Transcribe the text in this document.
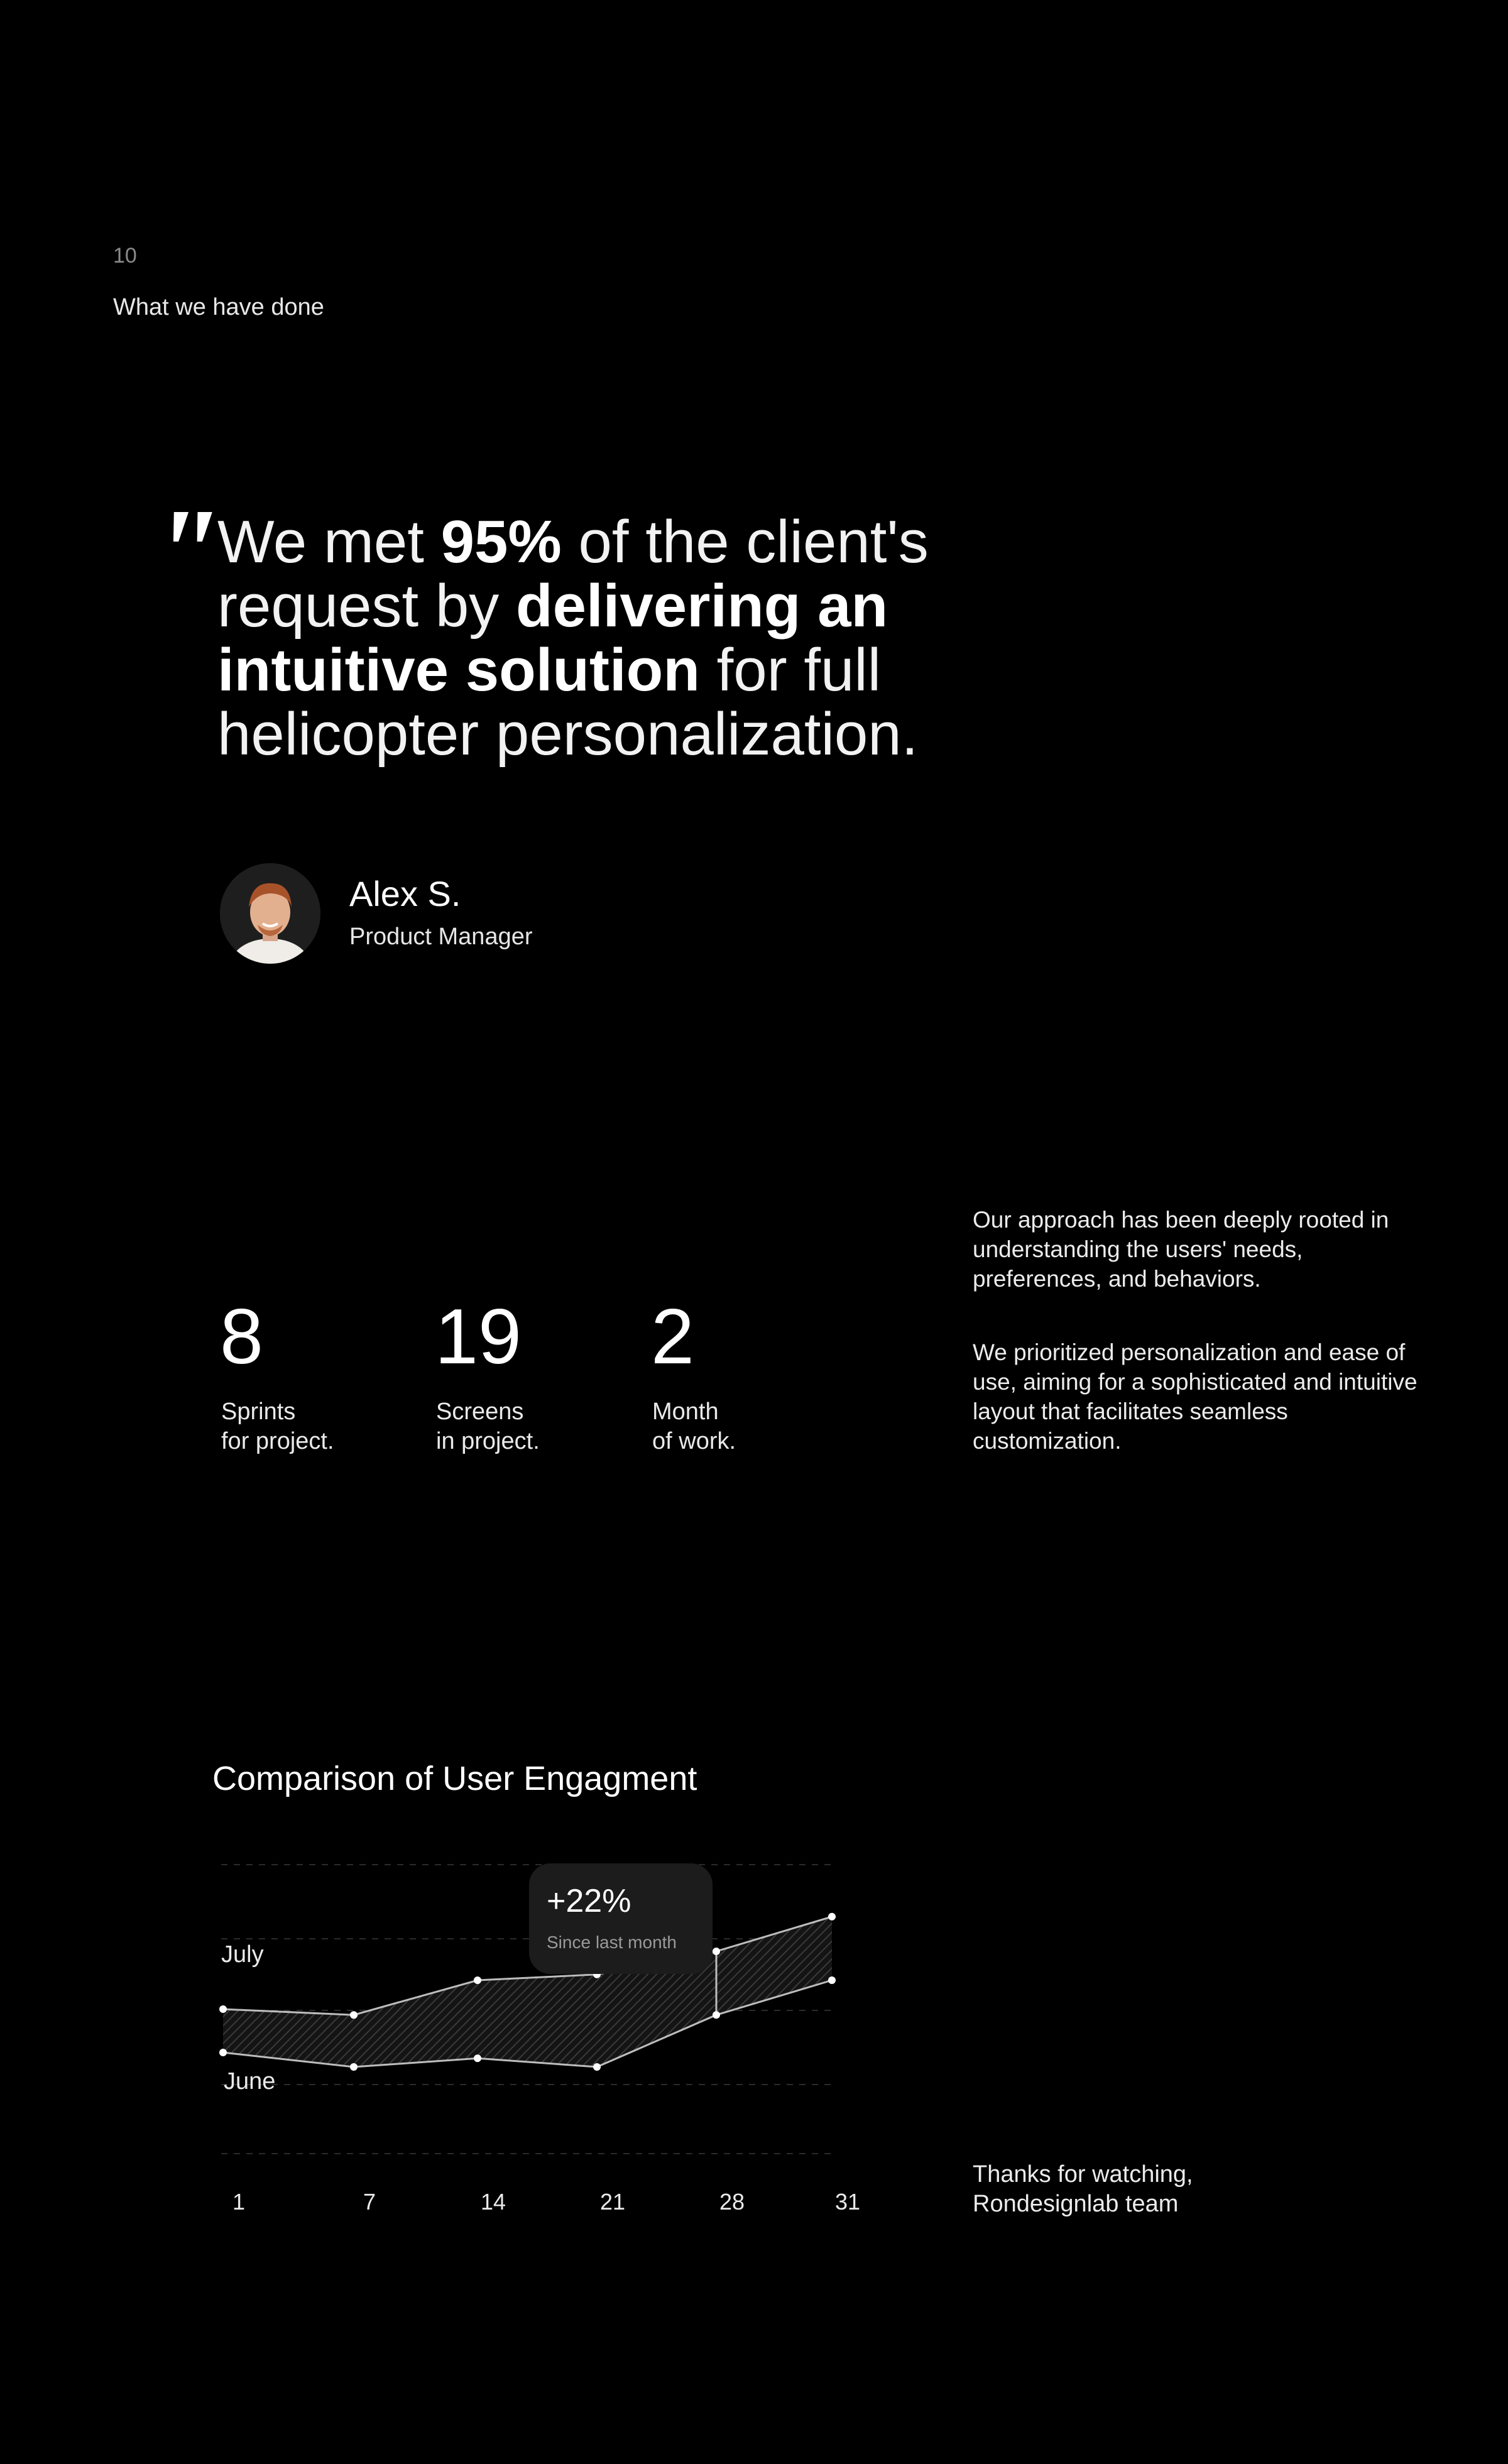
10
What we have done
" We met 95% of the client's request by delivering an intuitive solution for full helicopter personalization.
Alex S.
Product Manager
8
Sprints
for project.
19
Screens
in project.
2
Month
of work.

Our approach has been deeply rooted in understanding the users' needs, preferences, and behaviors.

We prioritized personalization and ease of use, aiming for a sophisticated and intuitive layout that facilitates seamless customization.

Comparison of User Engagment
+22%
Since last month
July
June
1	7	14	21	28	31
Thanks for watching,
Rondesignlab team
